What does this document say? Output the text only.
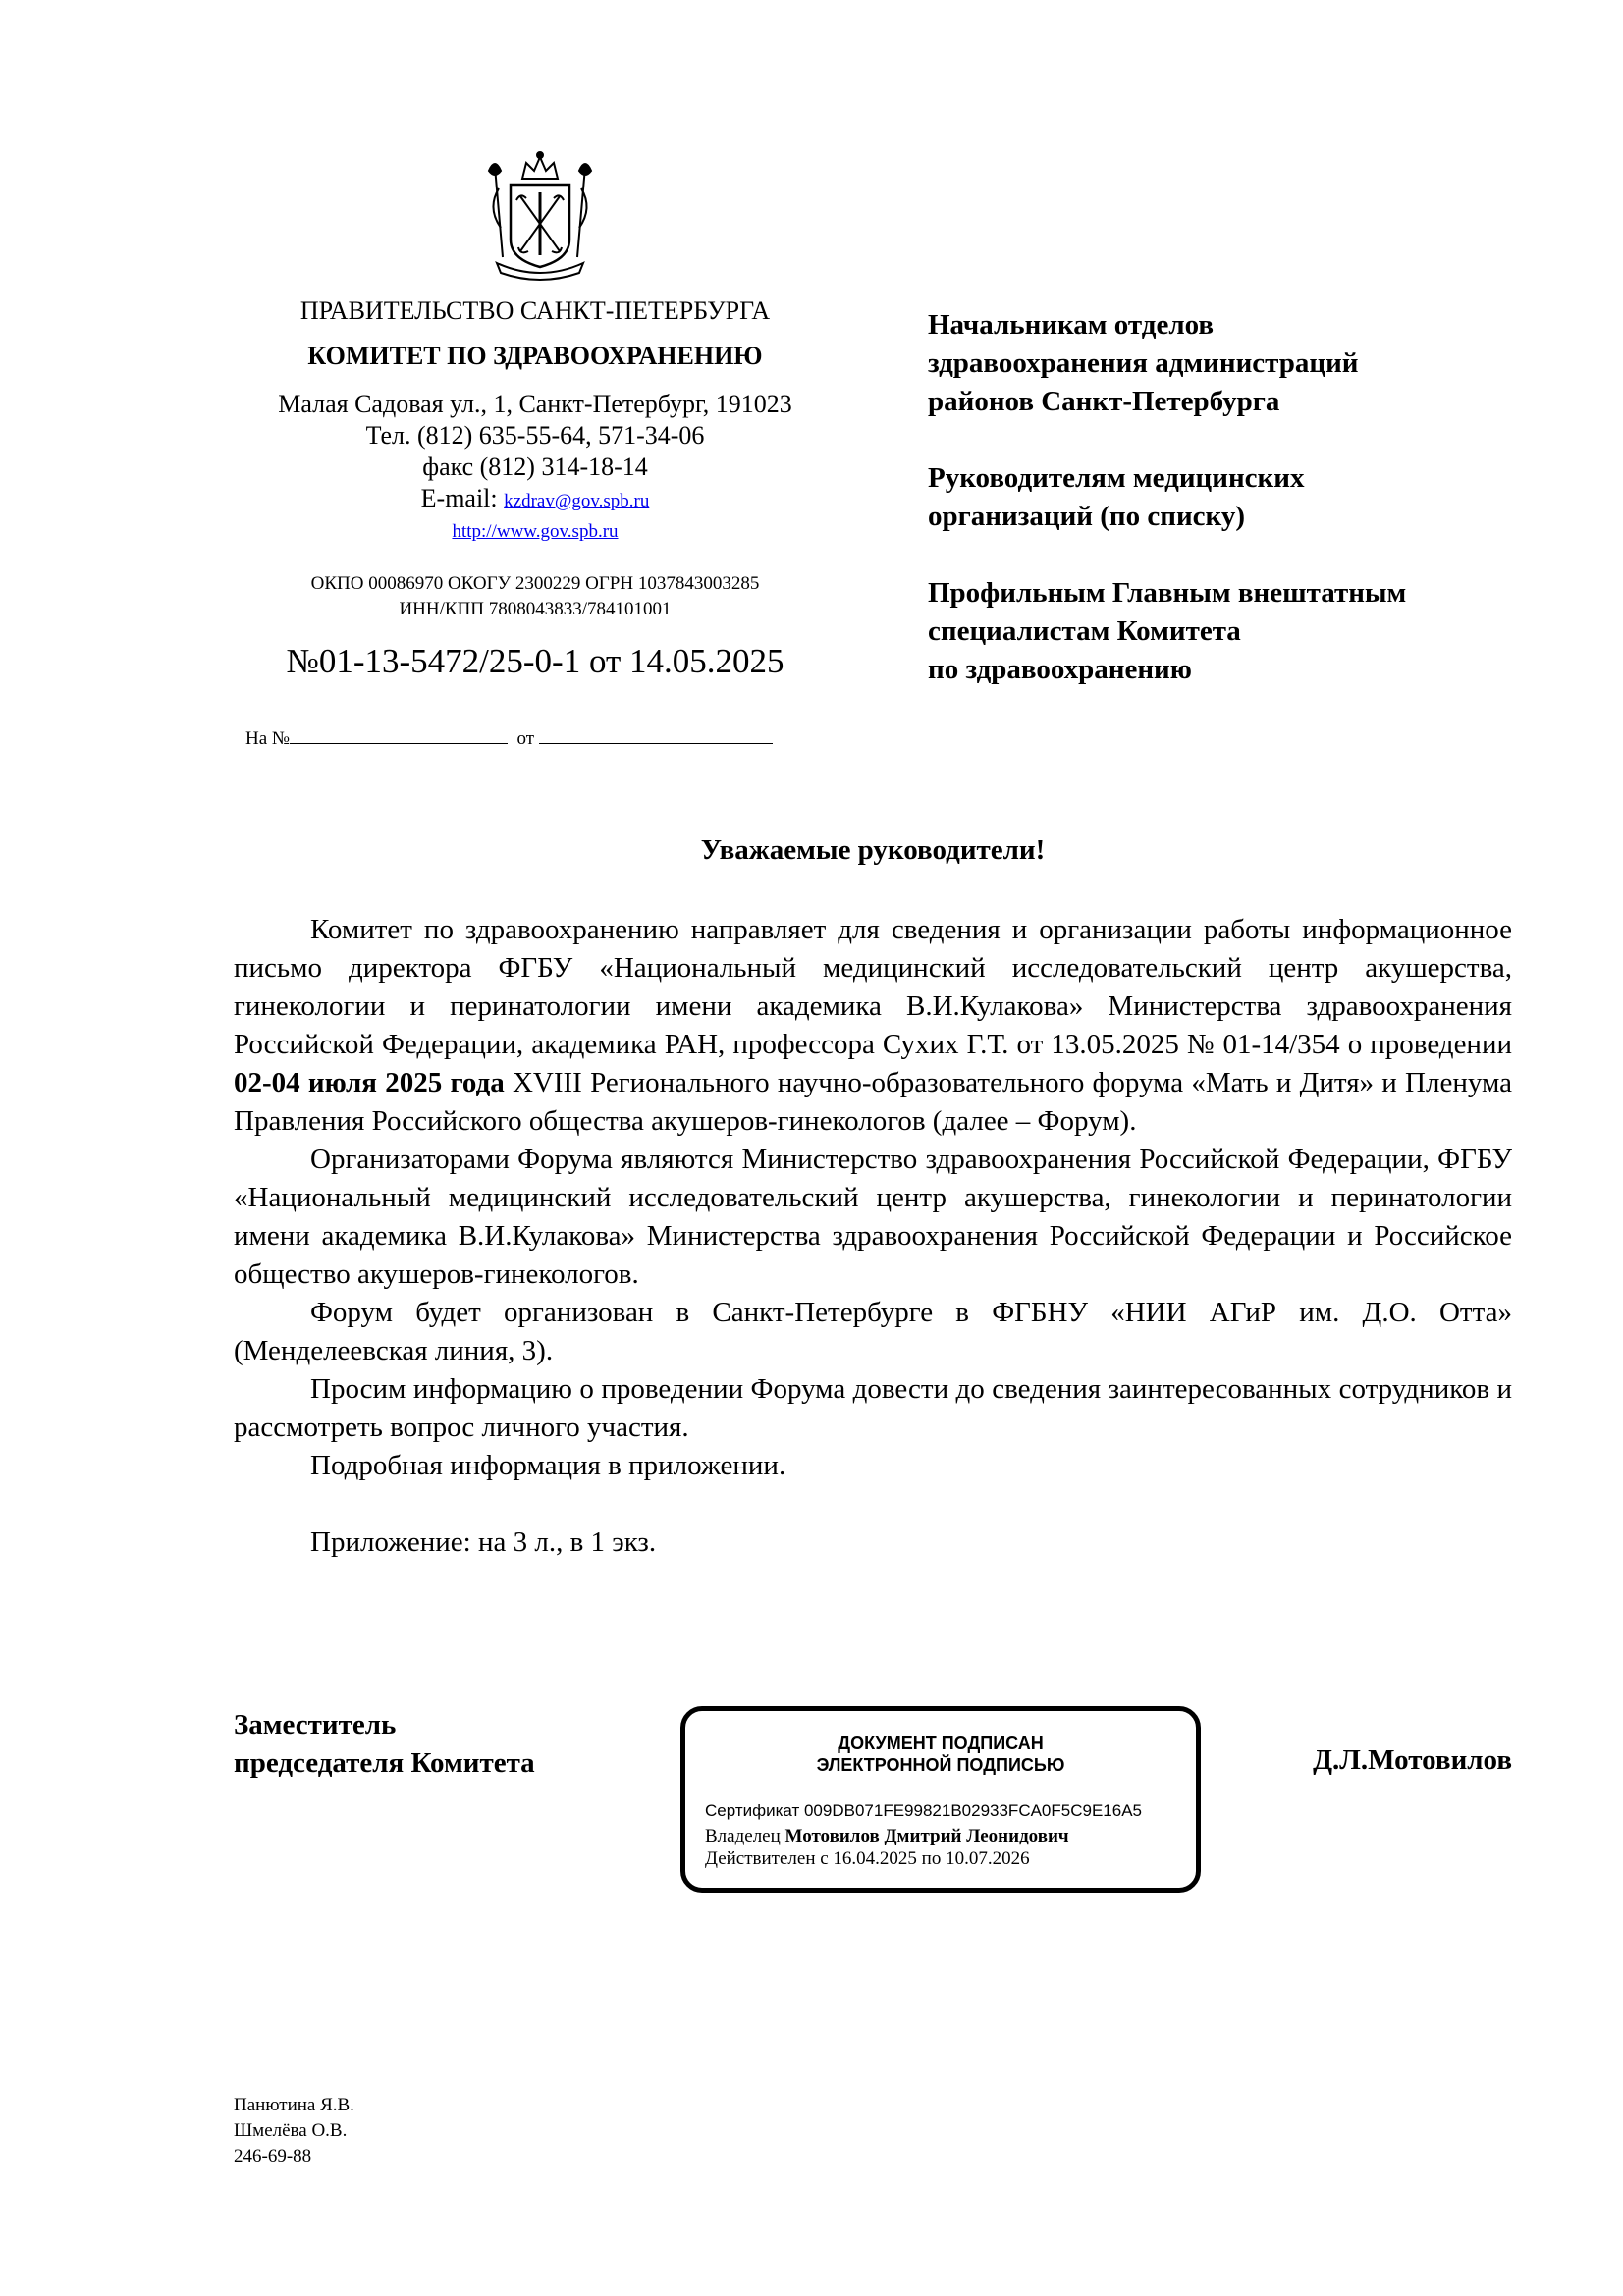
ПРАВИТЕЛЬСТВО САНКТ-ПЕТЕРБУРГА
КОМИТЕТ ПО ЗДРАВООХРАНЕНИЮ
Малая Садовая ул., 1, Санкт-Петербург, 191023
Тел. (812) 635-55-64, 571-34-06
факс (812) 314-18-14
E-mail: kzdrav@gov.spb.ru
http://www.gov.spb.ru
ОКПО 00086970 ОКОГУ 2300229 ОГРН 1037843003285
ИНН/КПП 7808043833/784101001
№01-13-5472/25-0-1 от 14.05.2025
На №	от
Начальникам отделов
здравоохранения администраций
районов Санкт-Петербурга
Руководителям медицинских
организаций (по списку)
Профильным Главным внештатным
специалистам Комитета
по здравоохранению
Уважаемые руководители!

Комитет по здравоохранению направляет для сведения и организации работы информационное письмо директора ФГБУ «Национальный медицинский исследовательский центр акушерства, гинекологии и перинатологии имени академика В.И.Кулакова» Министерства здравоохранения Российской Федерации, академика РАН, профессора Сухих Г.Т. от 13.05.2025 № 01-14/354 о проведении 02-04 июля 2025 года XVIII Регионального научно-образовательного форума «Мать и Дитя» и Пленума Правления Российского общества акушеров-гинекологов (далее – Форум).

Организаторами Форума являются Министерство здравоохранения Российской Федерации, ФГБУ «Национальный медицинский исследовательский центр акушерства, гинекологии и перинатологии имени академика В.И.Кулакова» Министерства здравоохранения Российской Федерации и Российское общество акушеров-гинекологов.

Форум будет организован в Санкт-Петербурге в ФГБНУ «НИИ АГиР им. Д.О. Отта» (Менделеевская линия, 3).

Просим информацию о проведении Форума довести до сведения заинтересованных сотрудников и рассмотреть вопрос личного участия.

Подробная информация в приложении.

Приложение: на 3 л., в 1 экз.

Заместитель
председателя Комитета
ДОКУМЕНТ ПОДПИСАН
ЭЛЕКТРОННОЙ ПОДПИСЬЮ
Сертификат 009DB071FE99821B02933FCA0F5C9E16A5
Владелец Мотовилов Дмитрий Леонидович
Действителен с 16.04.2025 по 10.07.2026
Д.Л.Мотовилов
Панютина Я.В.
Шмелёва О.В.
246-69-88
